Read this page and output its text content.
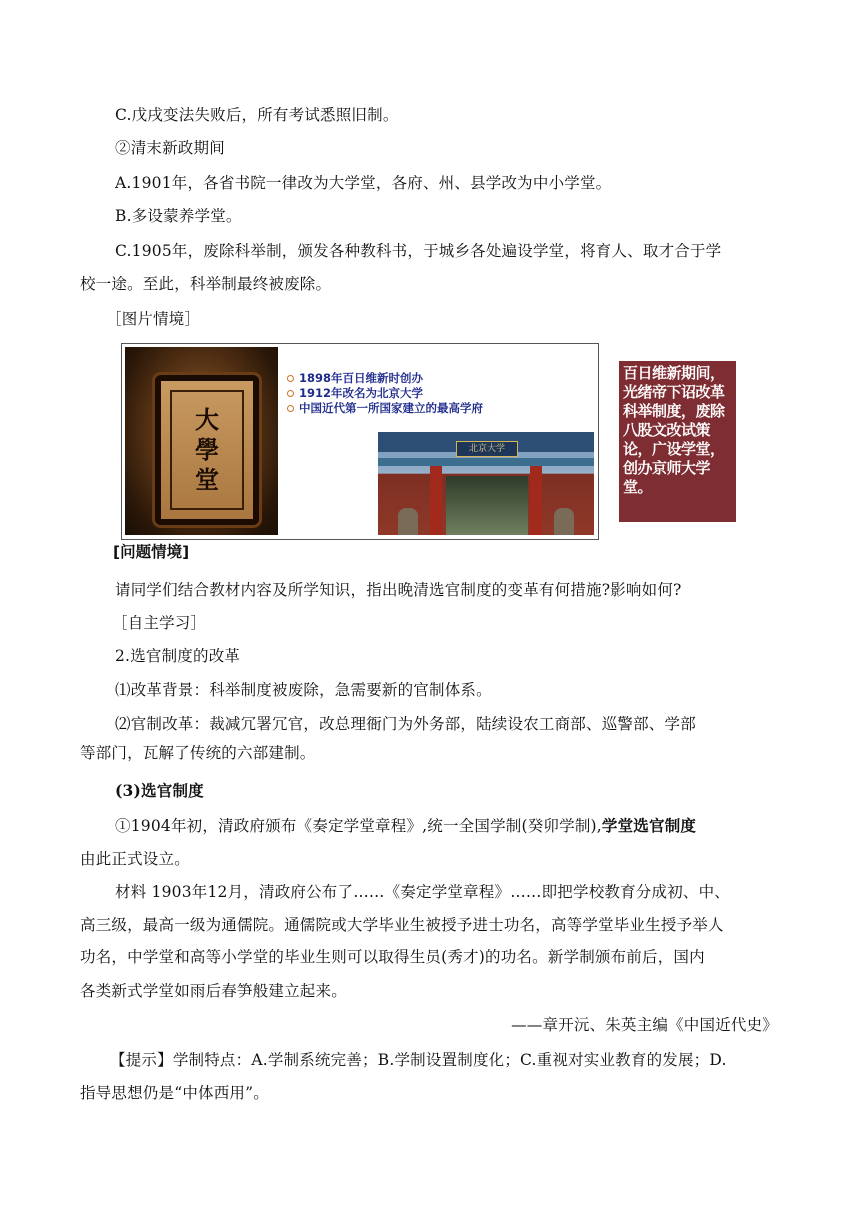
C.戊戌变法失败后，所有考试悉照旧制。
②清末新政期间
A.1901年，各省书院一律改为大学堂，各府、州、县学改为中小学堂。
B.多设蒙养学堂。
C.1905年，废除科举制，颁发各种教科书，于城乡各处遍设学堂，将育人、取才合于学
校一途。至此，科举制最终被废除。
［图片情境］
大
學
堂
1898年百日维新时创办
1912年改名为北京大学
中国近代第一所国家建立的最高学府
北京大学
百日维新期间，光绪帝下诏改革科举制度，废除八股文改试策论，广设学堂，创办京师大学堂。
[问题情境]
请同学们结合教材内容及所学知识，指出晚清选官制度的变革有何措施?影响如何?
［自主学习］
2.选官制度的改革
⑴改革背景：科举制度被废除，急需要新的官制体系。
⑵官制改革：裁减冗署冗官，改总理衙门为外务部，陆续设农工商部、巡警部、学部
等部门，瓦解了传统的六部建制。
(3)选官制度
①1904年初，清政府颁布《奏定学堂章程》,统一全国学制(癸卯学制),学堂选官制度
由此正式设立。
材料 1903年12月，清政府公布了……《奏定学堂章程》……即把学校教育分成初、中、
高三级，最高一级为通儒院。通儒院或大学毕业生被授予进士功名，高等学堂毕业生授予举人
功名，中学堂和高等小学堂的毕业生则可以取得生员(秀才)的功名。新学制颁布前后，国内
各类新式学堂如雨后春笋般建立起来。
——章开沅、朱英主编《中国近代史》
【提示】学制特点：A.学制系统完善；B.学制设置制度化；C.重视对实业教育的发展；D.
指导思想仍是“中体西用”。
